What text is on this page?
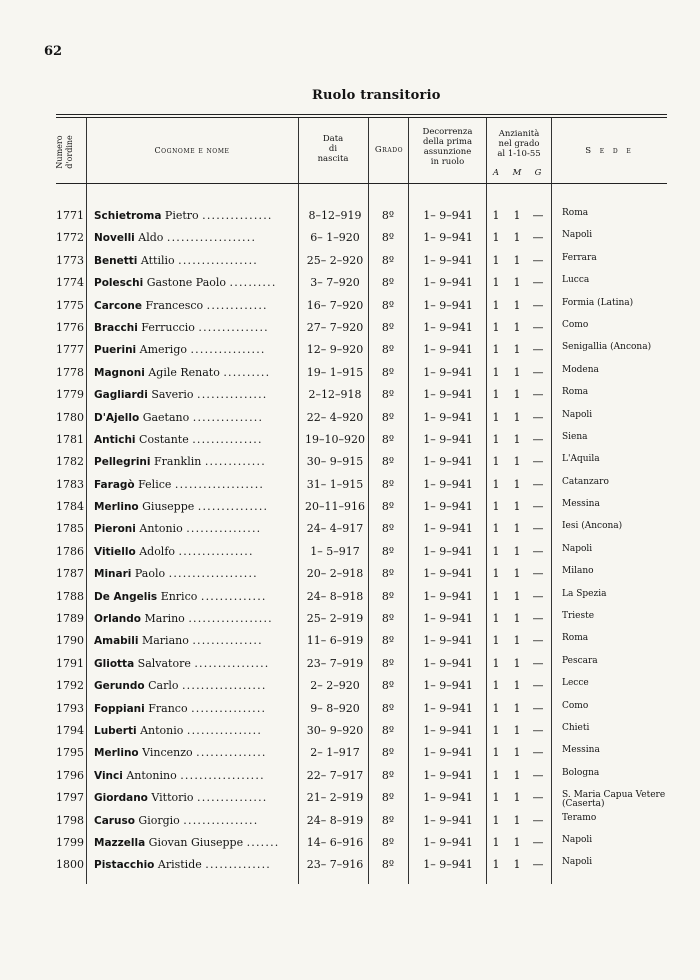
62
Ruolo transitorio
Numero d'ordine	Cognome e nome
Data
di
nascita
Grado
Decorrenza
della prima
assunzione
in ruolo
Anzianità
nel grado
al 1-10-55
A	M	G
S e d e
1771 Schietroma Pietro ...............	8–12–919	8º	1– 9–941	1	1	— Roma
1772 Novelli Aldo ...................	6– 1–920	8º	1– 9–941	1	1	— Napoli
1773 Benetti Attilio .................	25– 2–920	8º	1– 9–941	1	1	— Ferrara
1774 Poleschi Gastone Paolo ..........	3– 7–920	8º	1– 9–941	1	1	— Lucca
1775 Carcone Francesco .............	16– 7–920	8º	1– 9–941	1	1	— Formia (Latina)
1776 Bracchi Ferruccio ...............	27– 7–920	8º	1– 9–941	1	1	— Como
1777 Puerini Amerigo ................	12– 9–920	8º	1– 9–941	1	1	— Senigallia (Ancona)
1778 Magnoni Agile Renato ..........	19– 1–915	8º	1– 9–941	1	1	— Modena
1779 Gagliardi Saverio ...............	2–12–918	8º	1– 9–941	1	1	— Roma
1780 D'Ajello Gaetano ...............	22– 4–920	8º	1– 9–941	1	1	— Napoli
1781 Antichi Costante ...............	19–10–920	8º	1– 9–941	1	1	— Siena
1782 Pellegrini Franklin .............	30– 9–915	8º	1– 9–941	1	1	— L'Aquila
1783 Faragò Felice ...................	31– 1–915	8º	1– 9–941	1	1	— Catanzaro
1784 Merlino Giuseppe ...............	20–11–916	8º	1– 9–941	1	1	— Messina
1785 Pieroni Antonio ................	24– 4–917	8º	1– 9–941	1	1	— Iesi (Ancona)
1786 Vitiello Adolfo ................	1– 5–917	8º	1– 9–941	1	1	— Napoli
1787 Minari Paolo ...................	20– 2–918	8º	1– 9–941	1	1	— Milano
1788 De Angelis Enrico ..............	24– 8–918	8º	1– 9–941	1	1	— La Spezia
1789 Orlando Marino ..................	25– 2–919	8º	1– 9–941	1	1	— Trieste
1790 Amabili Mariano ...............	11– 6–919	8º	1– 9–941	1	1	— Roma
1791 Gliotta Salvatore ................	23– 7–919	8º	1– 9–941	1	1	— Pescara
1792 Gerundo Carlo ..................	2– 2–920	8º	1– 9–941	1	1	— Lecce
1793 Foppiani Franco ................	9– 8–920	8º	1– 9–941	1	1	— Como
1794 Luberti Antonio ................	30– 9–920	8º	1– 9–941	1	1	— Chieti
1795 Merlino Vincenzo ...............	2– 1–917	8º	1– 9–941	1	1	— Messina
1796 Vinci Antonino ..................	22– 7–917	8º	1– 9–941	1	1	— Bologna
1797 Giordano Vittorio ...............	21– 2–919	8º	1– 9–941	1	1	— S. Maria Capua Vetere (Caserta)
1798 Caruso Giorgio ................	24– 8–919	8º	1– 9–941	1	1	— Teramo
1799 Mazzella Giovan Giuseppe .......	14– 6–916	8º	1– 9–941	1	1	— Napoli
1800 Pistacchio Aristide ..............	23– 7–916	8º	1– 9–941	1	1	— Napoli
